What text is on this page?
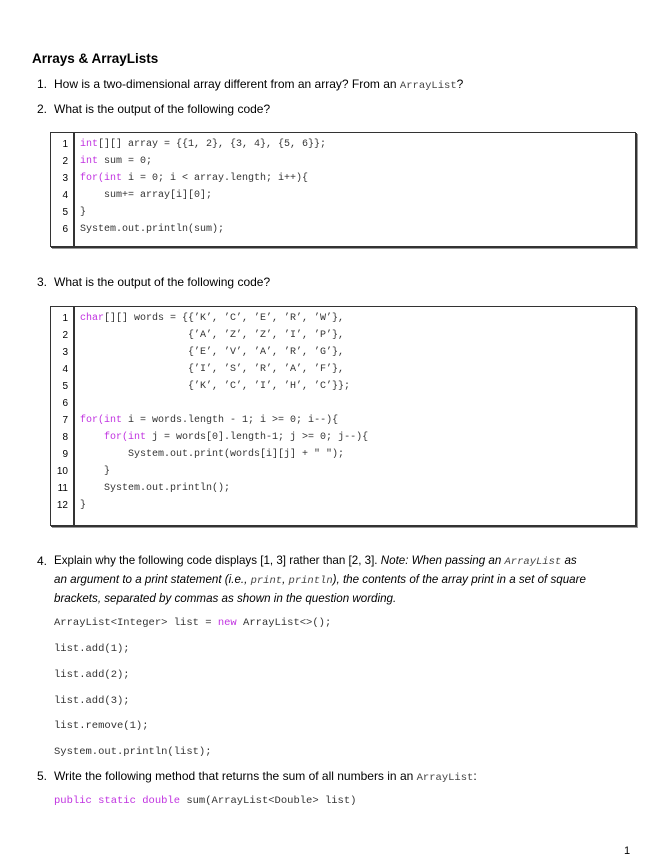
Arrays & ArrayLists
1. How is a two-dimensional array different from an array? From an ArrayList?
2. What is the output of the following code?
1 int[][] array = {{1, 2}, {3, 4}, {5, 6}};
2 int sum = 0;
3 for(int i = 0; i < array.length; i++){
4 sum+= array[i][0];
5 }
6 System.out.println(sum);
3. What is the output of the following code?
1 char[][] words = {{’K’, ’C’, ’E’, ’R’, ’W’},
2 {’A’, ’Z’, ’Z’, ’I’, ’P’},
3 {’E’, ’V’, ’A’, ’R’, ’G’},
4 {’I’, ’S’, ’R’, ’A’, ’F’},
5 {’K’, ’C’, ’I’, ’H’, ’C’}};
6
7 for(int i = words.length - 1; i >= 0; i--){
8 for(int j = words[0].length-1; j >= 0; j--){
9 System.out.print(words[i][j] + " ");
10 }
11 System.out.println();
12 }
4. Explain why the following code displays [1, 3] rather than [2, 3]. Note: When passing an ArrayList as
an argument to a print statement (i.e., print, println), the contents of the array print in a set of square
brackets, separated by commas as shown in the question wording.
ArrayList<Integer> list = new ArrayList<>();
list.add(1);
list.add(2);
list.add(3);
list.remove(1);
System.out.println(list);
5. Write the following method that returns the sum of all numbers in an ArrayList:
public static double sum(ArrayList<Double> list)
1
